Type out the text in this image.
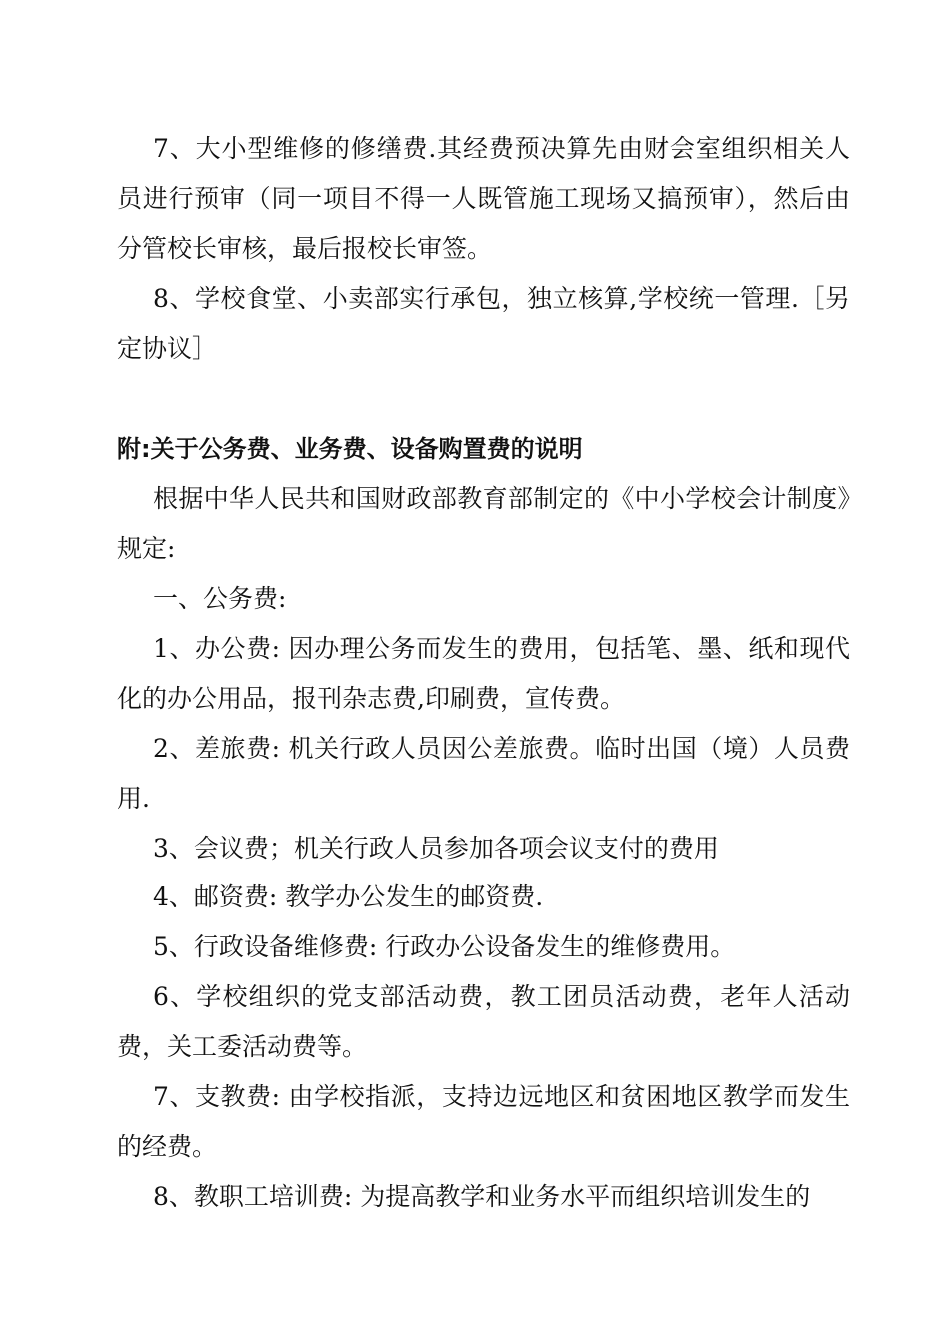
7、大小型维修的修缮费.其经费预决算先由财会室组织相关人员进行预审（同一项目不得一人既管施工现场又搞预审），然后由分管校长审核，最后报校长审签。
8、学校食堂、小卖部实行承包，独立核算,学校统一管理.［另定协议］
附:关于公务费、业务费、设备购置费的说明
根据中华人民共和国财政部教育部制定的《中小学校会计制度》规定:
一、公务费:
1、办公费: 因办理公务而发生的费用，包括笔、墨、纸和现代化的办公用品，报刊杂志费,印刷费，宣传费。
2、差旅费: 机关行政人员因公差旅费。临时出国（境）人员费用.
3、会议费；机关行政人员参加各项会议支付的费用
4、邮资费: 教学办公发生的邮资费.
5、行政设备维修费: 行政办公设备发生的维修费用。
6、学校组织的党支部活动费，教工团员活动费，老年人活动费，关工委活动费等。
7、支教费: 由学校指派，支持边远地区和贫困地区教学而发生的经费。
8、教职工培训费: 为提高教学和业务水平而组织培训发生的
